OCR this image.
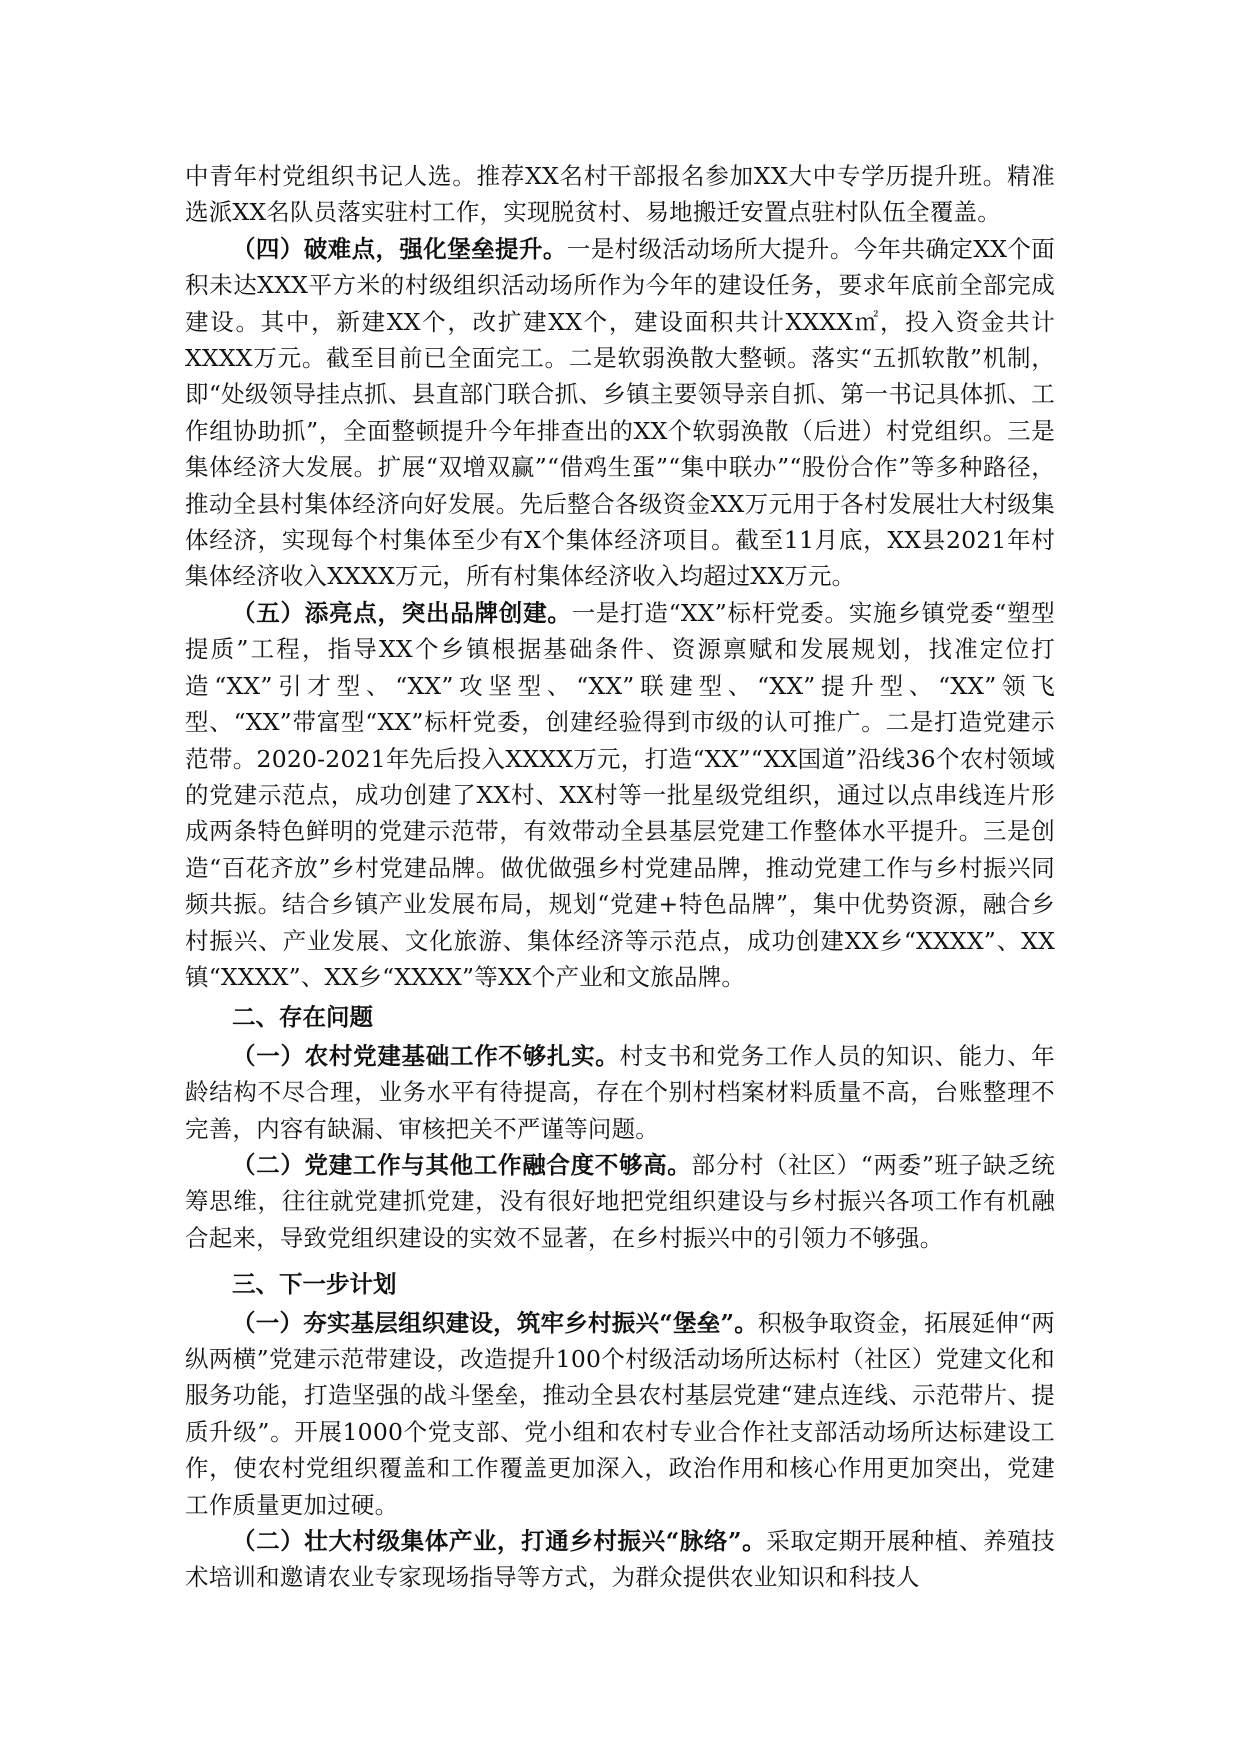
中青年村党组织书记人选。推荐XX名村干部报名参加XX大中专学历提升班。精准选派XX名队员落实驻村工作，实现脱贫村、易地搬迁安置点驻村队伍全覆盖。

（四）破难点，强化堡垒提升。一是村级活动场所大提升。今年共确定XX个面积未达XXX平方米的村级组织活动场所作为今年的建设任务，要求年底前全部完成建设。其中，新建XX个，改扩建XX个，建设面积共计XXXX㎡，投入资金共计XXXX万元。截至目前已全面完工。二是软弱涣散大整顿。落实“五抓软散”机制，即“处级领导挂点抓、县直部门联合抓、乡镇主要领导亲自抓、第一书记具体抓、工作组协助抓”，全面整顿提升今年排查出的XX个软弱涣散（后进）村党组织。三是集体经济大发展。扩展“双增双赢”“借鸡生蛋”“集中联办”“股份合作”等多种路径，推动全县村集体经济向好发展。先后整合各级资金XX万元用于各村发展壮大村级集体经济，实现每个村集体至少有X个集体经济项目。截至11月底，XX县2021年村集体经济收入XXXX万元，所有村集体经济收入均超过XX万元。

（五）添亮点，突出品牌创建。一是打造“XX”标杆党委。实施乡镇党委“塑型提质”工程，指导XX个乡镇根据基础条件、资源禀赋和发展规划，找准定位打造“XX”引才型、“XX”攻坚型、“XX”联建型、“XX”提升型、“XX”领飞型、“XX”带富型“XX”标杆党委，创建经验得到市级的认可推广。二是打造党建示范带。2020-2021年先后投入XXXX万元，打造“XX”“XX国道”沿线36个农村领域的党建示范点，成功创建了XX村、XX村等一批星级党组织，通过以点串线连片形成两条特色鲜明的党建示范带，有效带动全县基层党建工作整体水平提升。三是创造“百花齐放”乡村党建品牌。做优做强乡村党建品牌，推动党建工作与乡村振兴同频共振。结合乡镇产业发展布局，规划“党建+特色品牌”，集中优势资源，融合乡村振兴、产业发展、文化旅游、集体经济等示范点，成功创建XX乡“XXXX”、XX镇“XXXX”、XX乡“XXXX”等XX个产业和文旅品牌。

二、存在问题

（一）农村党建基础工作不够扎实。村支书和党务工作人员的知识、能力、年龄结构不尽合理，业务水平有待提高，存在个别村档案材料质量不高，台账整理不完善，内容有缺漏、审核把关不严谨等问题。

（二）党建工作与其他工作融合度不够高。部分村（社区）“两委”班子缺乏统筹思维，往往就党建抓党建，没有很好地把党组织建设与乡村振兴各项工作有机融合起来，导致党组织建设的实效不显著，在乡村振兴中的引领力不够强。

三、下一步计划

（一）夯实基层组织建设，筑牢乡村振兴“堡垒”。积极争取资金，拓展延伸“两纵两横”党建示范带建设，改造提升100个村级活动场所达标村（社区）党建文化和服务功能，打造坚强的战斗堡垒，推动全县农村基层党建“建点连线、示范带片、提质升级”。开展1000个党支部、党小组和农村专业合作社支部活动场所达标建设工作，使农村党组织覆盖和工作覆盖更加深入，政治作用和核心作用更加突出，党建工作质量更加过硬。

（二）壮大村级集体产业，打通乡村振兴“脉络”。采取定期开展种植、养殖技术培训和邀请农业专家现场指导等方式，为群众提供农业知识和科技人
